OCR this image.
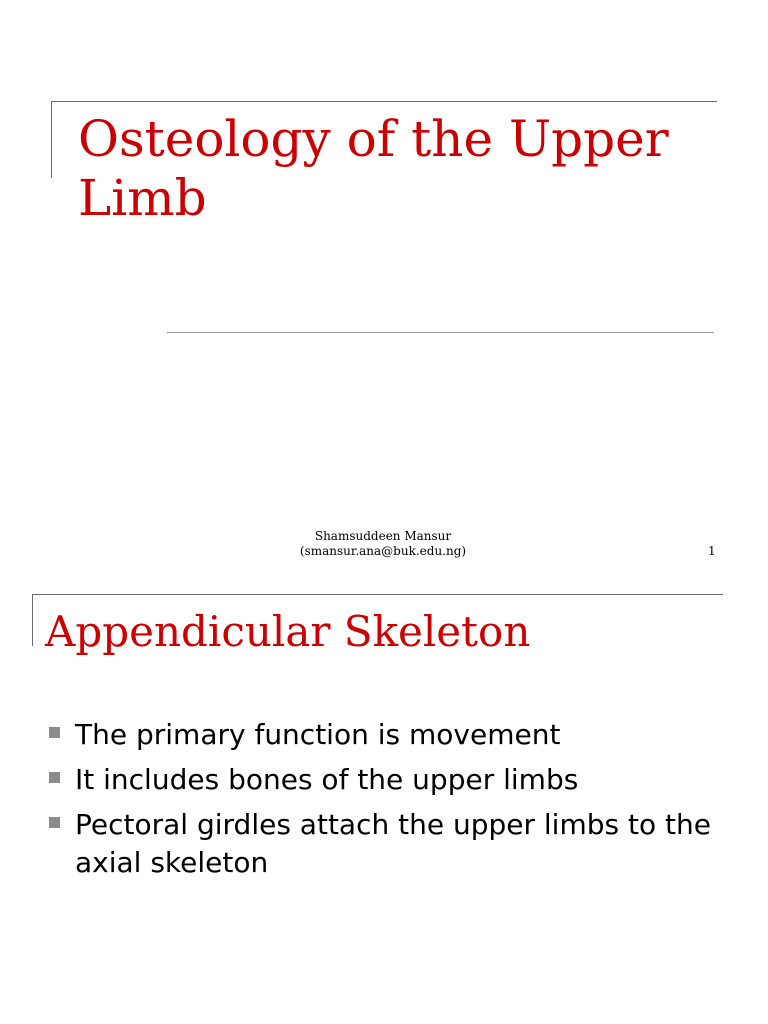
Osteology of the Upper Limb
Shamsuddeen Mansur
(smansur.ana@buk.edu.ng)	1
Appendicular Skeleton
The primary function is movement
It includes bones of the upper limbs
Pectoral girdles attach the upper limbs to the axial skeleton
